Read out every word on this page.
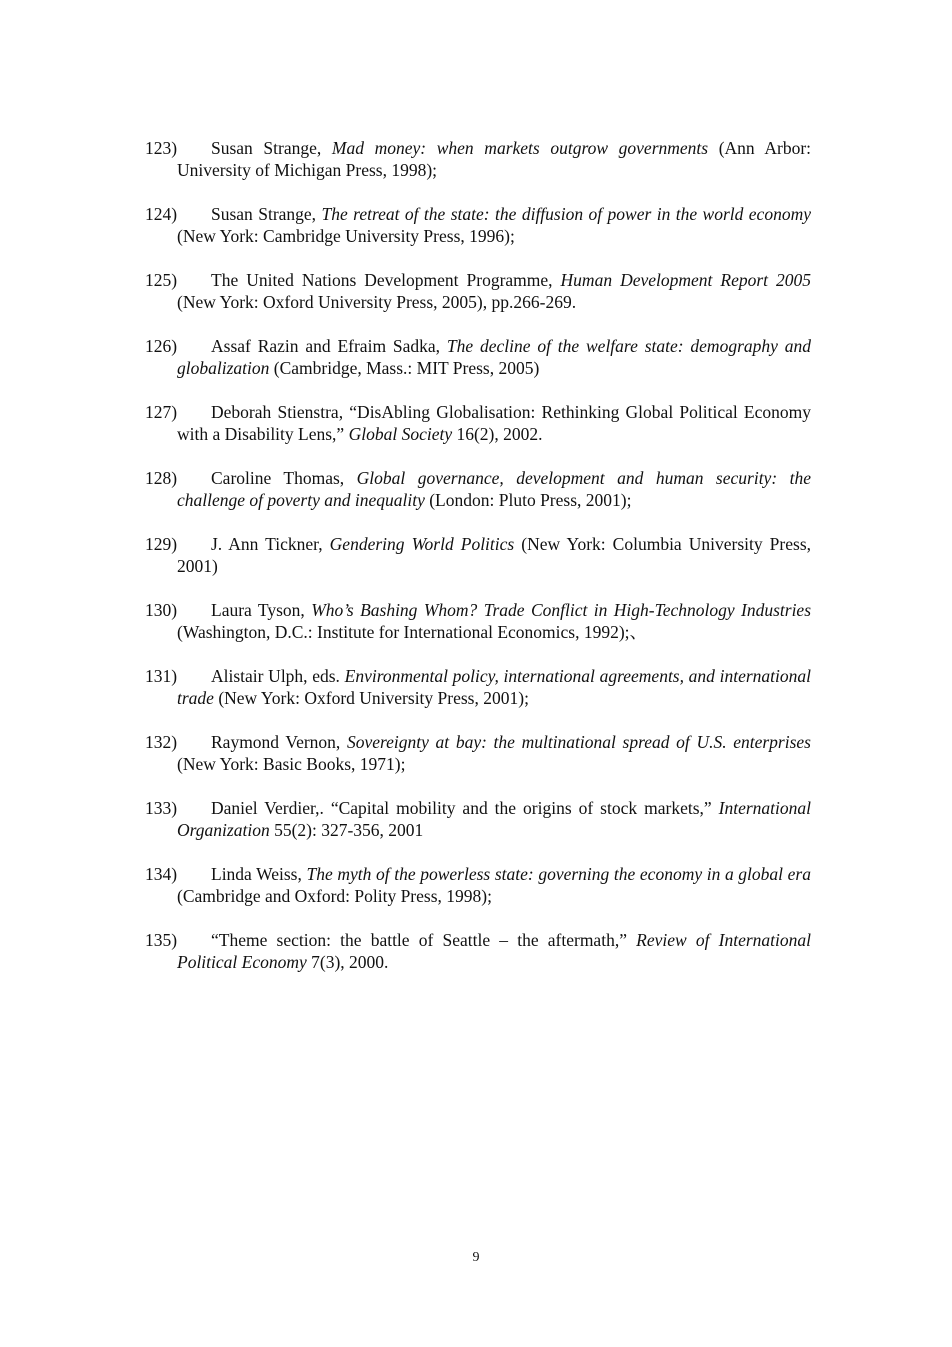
123) Susan Strange, Mad money: when markets outgrow governments (Ann Arbor: University of Michigan Press, 1998);
124) Susan Strange, The retreat of the state: the diffusion of power in the world economy (New York: Cambridge University Press, 1996);
125) The United Nations Development Programme, Human Development Report 2005 (New York: Oxford University Press, 2005), pp.266-269.
126) Assaf Razin and Efraim Sadka, The decline of the welfare state: demography and globalization (Cambridge, Mass.: MIT Press, 2005)
127) Deborah Stienstra, “DisAbling Globalisation: Rethinking Global Political Economy with a Disability Lens,” Global Society 16(2), 2002.
128) Caroline Thomas, Global governance, development and human security: the challenge of poverty and inequality (London: Pluto Press, 2001);
129) J. Ann Tickner, Gendering World Politics (New York: Columbia University Press, 2001)
130) Laura Tyson, Who’s Bashing Whom? Trade Conflict in High-Technology Industries (Washington, D.C.: Institute for International Economics, 1992);、
131) Alistair Ulph, eds. Environmental policy, international agreements, and international trade (New York: Oxford University Press, 2001);
132) Raymond Vernon, Sovereignty at bay: the multinational spread of U.S. enterprises (New York: Basic Books, 1971);
133) Daniel Verdier,. “Capital mobility and the origins of stock markets,” International Organization 55(2): 327-356, 2001
134) Linda Weiss, The myth of the powerless state: governing the economy in a global era (Cambridge and Oxford: Polity Press, 1998);
135) “Theme section: the battle of Seattle – the aftermath,” Review of International Political Economy 7(3), 2000.
9
